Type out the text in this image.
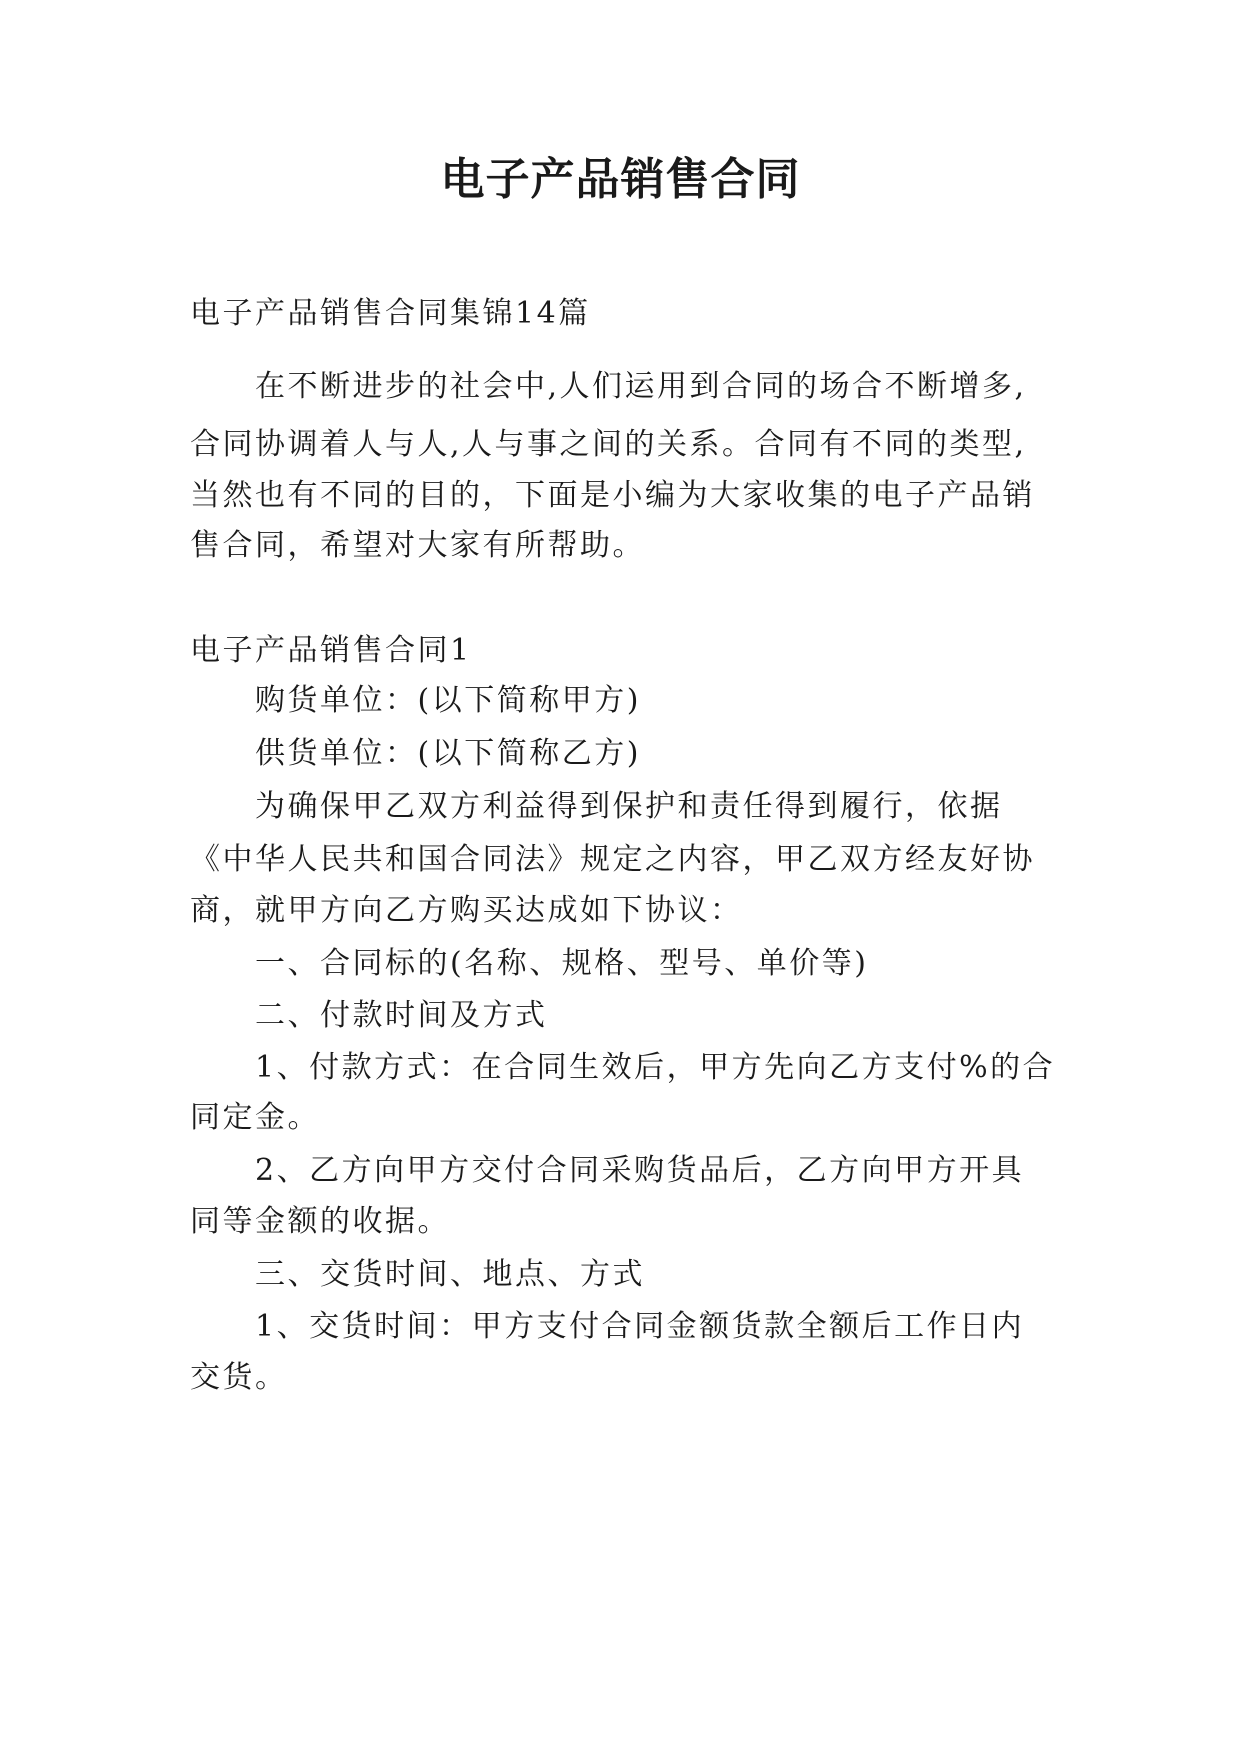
电子产品销售合同

电子产品销售合同集锦14篇

在不断进步的社会中,人们运用到合同的场合不断增多,

合同协调着人与人,人与事之间的关系。合同有不同的类型,

当然也有不同的目的，下面是小编为大家收集的电子产品销

售合同，希望对大家有所帮助。

电子产品销售合同1

购货单位：(以下简称甲方)

供货单位：(以下简称乙方)

为确保甲乙双方利益得到保护和责任得到履行，依据

《中华人民共和国合同法》规定之内容，甲乙双方经友好协

商，就甲方向乙方购买达成如下协议：

一、合同标的(名称、规格、型号、单价等)

二、付款时间及方式

1、付款方式：在合同生效后，甲方先向乙方支付%的合

同定金。

2、乙方向甲方交付合同采购货品后，乙方向甲方开具

同等金额的收据。

三、交货时间、地点、方式

1、交货时间：甲方支付合同金额货款全额后工作日内

交货。
